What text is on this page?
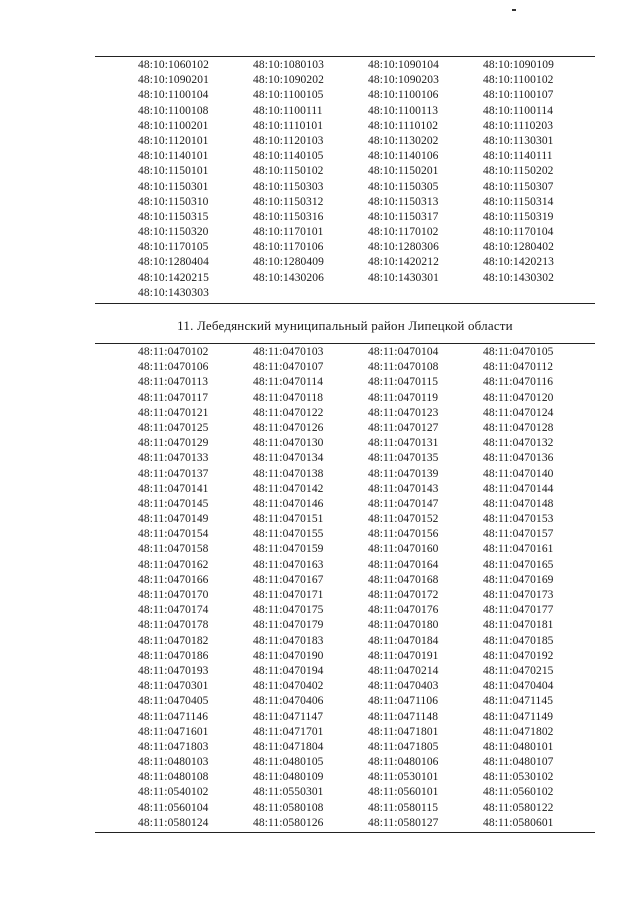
48:10:1060102	48:10:1080103	48:10:1090104	48:10:1090109
48:10:1090201	48:10:1090202	48:10:1090203	48:10:1100102
48:10:1100104	48:10:1100105	48:10:1100106	48:10:1100107
48:10:1100108	48:10:1100111	48:10:1100113	48:10:1100114
48:10:1100201	48:10:1110101	48:10:1110102	48:10:1110203
48:10:1120101	48:10:1120103	48:10:1130202	48:10:1130301
48:10:1140101	48:10:1140105	48:10:1140106	48:10:1140111
48:10:1150101	48:10:1150102	48:10:1150201	48:10:1150202
48:10:1150301	48:10:1150303	48:10:1150305	48:10:1150307
48:10:1150310	48:10:1150312	48:10:1150313	48:10:1150314
48:10:1150315	48:10:1150316	48:10:1150317	48:10:1150319
48:10:1150320	48:10:1170101	48:10:1170102	48:10:1170104
48:10:1170105	48:10:1170106	48:10:1280306	48:10:1280402
48:10:1280404	48:10:1280409	48:10:1420212	48:10:1420213
48:10:1420215	48:10:1430206	48:10:1430301	48:10:1430302
48:10:1430303
11. Лебедянский муниципальный район Липецкой области
48:11:0470102	48:11:0470103	48:11:0470104	48:11:0470105
48:11:0470106	48:11:0470107	48:11:0470108	48:11:0470112
48:11:0470113	48:11:0470114	48:11:0470115	48:11:0470116
48:11:0470117	48:11:0470118	48:11:0470119	48:11:0470120
48:11:0470121	48:11:0470122	48:11:0470123	48:11:0470124
48:11:0470125	48:11:0470126	48:11:0470127	48:11:0470128
48:11:0470129	48:11:0470130	48:11:0470131	48:11:0470132
48:11:0470133	48:11:0470134	48:11:0470135	48:11:0470136
48:11:0470137	48:11:0470138	48:11:0470139	48:11:0470140
48:11:0470141	48:11:0470142	48:11:0470143	48:11:0470144
48:11:0470145	48:11:0470146	48:11:0470147	48:11:0470148
48:11:0470149	48:11:0470151	48:11:0470152	48:11:0470153
48:11:0470154	48:11:0470155	48:11:0470156	48:11:0470157
48:11:0470158	48:11:0470159	48:11:0470160	48:11:0470161
48:11:0470162	48:11:0470163	48:11:0470164	48:11:0470165
48:11:0470166	48:11:0470167	48:11:0470168	48:11:0470169
48:11:0470170	48:11:0470171	48:11:0470172	48:11:0470173
48:11:0470174	48:11:0470175	48:11:0470176	48:11:0470177
48:11:0470178	48:11:0470179	48:11:0470180	48:11:0470181
48:11:0470182	48:11:0470183	48:11:0470184	48:11:0470185
48:11:0470186	48:11:0470190	48:11:0470191	48:11:0470192
48:11:0470193	48:11:0470194	48:11:0470214	48:11:0470215
48:11:0470301	48:11:0470402	48:11:0470403	48:11:0470404
48:11:0470405	48:11:0470406	48:11:0471106	48:11:0471145
48:11:0471146	48:11:0471147	48:11:0471148	48:11:0471149
48:11:0471601	48:11:0471701	48:11:0471801	48:11:0471802
48:11:0471803	48:11:0471804	48:11:0471805	48:11:0480101
48:11:0480103	48:11:0480105	48:11:0480106	48:11:0480107
48:11:0480108	48:11:0480109	48:11:0530101	48:11:0530102
48:11:0540102	48:11:0550301	48:11:0560101	48:11:0560102
48:11:0560104	48:11:0580108	48:11:0580115	48:11:0580122
48:11:0580124	48:11:0580126	48:11:0580127	48:11:0580601
